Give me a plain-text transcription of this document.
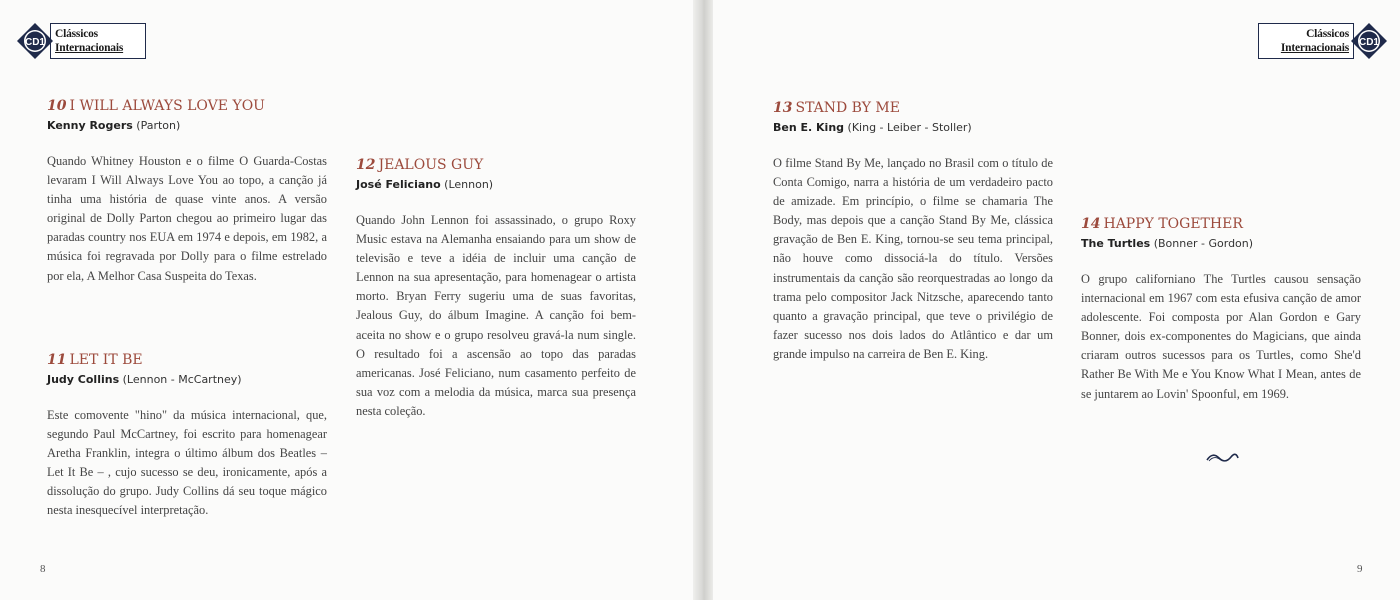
CD1
Clássicos
Internacionais	CD1
Clássicos
Internacionais
10 I WILL ALWAYS LOVE YOU
Kenny Rogers (Parton)

Quando Whitney Houston e o filme O Guarda-Costas levaram I Will Always Love You ao topo, a canção já tinha uma história de quase vinte anos. A versão original de Dolly Parton chegou ao primeiro lugar das paradas country nos EUA em 1974 e depois, em 1982, a música foi regravada por Dolly para o filme estrelado por ela, A Melhor Casa Suspeita do Texas.

11 LET IT BE
Judy Collins (Lennon - McCartney)

Este comovente "hino" da música internacional, que, segundo Paul McCartney, foi escrito para homenagear Aretha Franklin, integra o último álbum dos Beatles – Let It Be – , cujo sucesso se deu, ironicamente, após a dissolução do grupo. Judy Collins dá seu toque mágico nesta inesquecível interpretação.

12 JEALOUS GUY
José Feliciano (Lennon)

Quando John Lennon foi assassinado, o grupo Roxy Music estava na Alemanha ensaiando para um show de televisão e teve a idéia de incluir uma canção de Lennon na sua apresentação, para homenagear o artista morto. Bryan Ferry sugeriu uma de suas favoritas, Jealous Guy, do álbum Imagine. A canção foi bem-aceita no show e o grupo resolveu gravá-la num single. O resultado foi a ascensão ao topo das paradas americanas. José Feliciano, num casamento perfeito de sua voz com a melodia da música, marca sua presença nesta coleção.

13 STAND BY ME
Ben E. King (King - Leiber - Stoller)

O filme Stand By Me, lançado no Brasil com o título de Conta Comigo, narra a história de um verdadeiro pacto de amizade. Em princípio, o filme se chamaria The Body, mas depois que a canção Stand By Me, clássica gravação de Ben E. King, tornou-se seu tema principal, não houve como dissociá-la do título. Versões instrumentais da canção são reorquestradas ao longo da trama pelo compositor Jack Nitzsche, aparecendo tanto quanto a gravação principal, que teve o privilégio de fazer sucesso nos dois lados do Atlântico e dar um grande impulso na carreira de Ben E. King.

14 HAPPY TOGETHER
The Turtles (Bonner - Gordon)

O grupo californiano The Turtles causou sensação internacional em 1967 com esta efusiva canção de amor adolescente. Foi composta por Alan Gordon e Gary Bonner, dois ex-componentes do Magicians, que ainda criaram outros sucessos para os Turtles, como She'd Rather Be With Me e You Know What I Mean, antes de se juntarem ao Lovin' Spoonful, em 1969.

8	9
